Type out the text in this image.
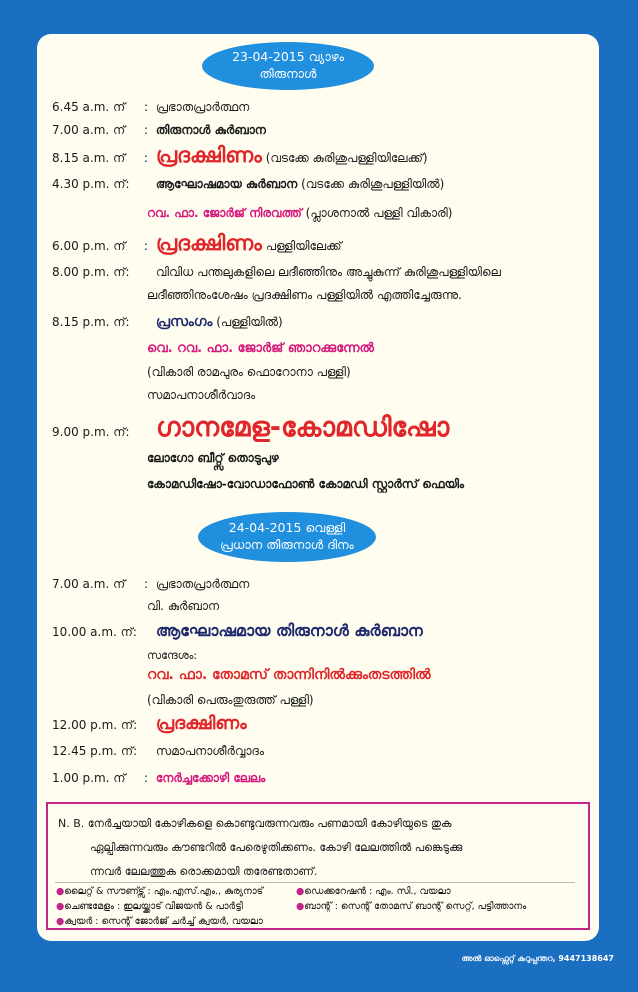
23-04-2015 വ്യാഴം
തിരുനാൾ
6.45 a.m. ന് : പ്രഭാതപ്രാർത്ഥന
7.00 a.m. ന് : തിരുനാൾ കുർബാന
8.15 a.m. ന് : പ്രദക്ഷിണം (വടക്കേ കുരിശുപള്ളിയിലേക്ക്)
4.30 p.m. ന്: ആഘോഷമായ കുർബാന (വടക്കേ കുരിശുപള്ളിയിൽ)
റവ. ഫാ. ജോർജ് നിരവത്ത് (പ്ലാശനാൽ പള്ളി വികാരി)
6.00 p.m. ന് : പ്രദക്ഷിണം പള്ളിയിലേക്ക്
8.00 p.m. ന്: വിവിധ പന്തലുകളിലെ ലദീഞ്ഞിനും അച്ചുകുന്ന് കുരിശുപള്ളിയിലെ
ലദീഞ്ഞിനുംശേഷം പ്രദക്ഷിണം പള്ളിയിൽ എത്തിച്ചേരുന്നു.
8.15 p.m. ന്: പ്രസംഗം (പള്ളിയിൽ)
വെ. റവ. ഫാ. ജോർജ് ഞാറക്കുന്നേൽ
(വികാരി രാമപുരം ഫൊറോനാ പള്ളി)
സമാപനാശീർവാദം
9.00 p.m. ന്: ഗാനമേള-കോമഡിഷോ
ലോഗോ ബീറ്റ്സ് തൊടുപുഴ
കോമഡിഷോ-വോഡാഫോൺ കോമഡി സ്റ്റാർസ് ഫെയിം
24-04-2015 വെള്ളി
പ്രധാന തിരുനാൾ ദിനം
7.00 a.m. ന് : പ്രഭാതപ്രാർത്ഥന
വി. കുർബാന
10.00 a.m. ന്: ആഘോഷമായ തിരുനാൾ കുർബാന
സന്ദേശം:
റവ. ഫാ. തോമസ് താന്നിനിൽക്കുംതടത്തിൽ
(വികാരി പെരുംതുരുത്ത് പള്ളി)
12.00 p.m. ന്: പ്രദക്ഷിണം
12.45 p.m. ന്: സമാപനാശീർവ്വാദം
1.00 p.m. ന് : നേർച്ചക്കോഴി ലേലം
N. B. നേർച്ചയായി കോഴികളെ കൊണ്ടുവരുന്നവരും പണമായി കോഴിയുടെ തുക
ഏല്പിക്കുന്നവരും കൗണ്ടറിൽ പേരെഴുതിക്കണം. കോഴി ലേലത്തിൽ പങ്കെടുക്കു
ന്നവർ ലേലത്തുക രൊക്കമായി തരേണ്ടതാണ്.
●ലൈറ്റ് & സൗണ്ട്സ് : എം.എസ്.എം., കുര്യനാട്	●ഡെക്കറേഷൻ : എം. സി., വയലാ
●ചെണ്ടമേളം : ഇലയ്ക്കാട് വിജയൻ & പാർട്ടി	●ബാന്റ് : സെന്റ് തോമസ് ബാന്റ് സെറ്റ്, പട്ടിത്താനം
●ക്വയർ : സെന്റ് ജോർജ് ചർച്ച് ക്വയർ, വയലാ
അൽ ഓഫ്സെറ്റ് കുറുപ്പന്തറ, 9447138647
